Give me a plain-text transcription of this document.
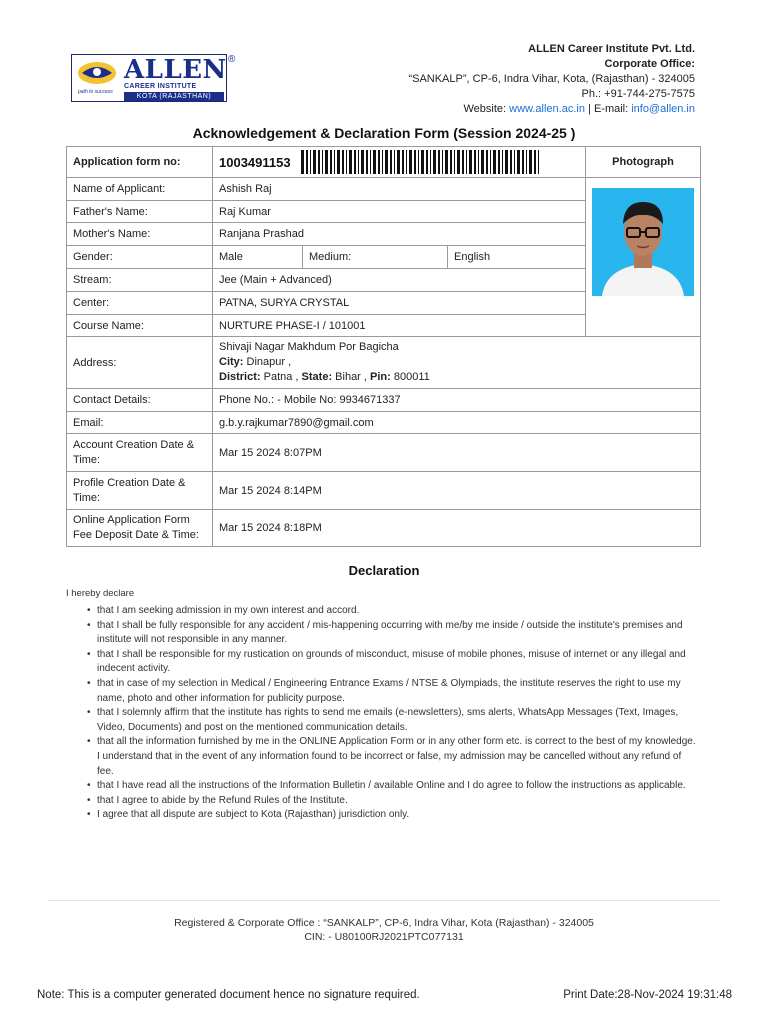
ALLEN
CAREER INSTITUTE
path to success
KOTA (RAJASTHAN)
®
ALLEN Career Institute Pvt. Ltd.
Corporate Office:
“SANKALP”, CP-6, Indra Vihar, Kota, (Rajasthan) - 324005
Ph.: +91-744-275-7575
Website: www.allen.ac.in | E-mail: info@allen.in
Acknowledgement & Declaration Form (Session 2024-25 )
Application form no:	1003491153			Photograph
Name of Applicant:	Ashish Raj	

Father's Name:	Raj Kumar			
Mother's Name:	Ranjana Prashad			
Gender:	Male	Medium:	English	
Stream:	Jee (Main + Advanced)			
Center:	PATNA, SURYA CRYSTAL			
Course Name:	NURTURE PHASE-I / 101001			
Address:	Shivaji Nagar Makhdum Por Bagicha
City: Dinapur ,
District: Patna , State: Bihar , Pin: 800011			

Contact Details:	Phone No.: - Mobile No: 9934671337			
Email:	g.b.y.rajkumar7890@gmail.com			

Account Creation Date &
Time:	Mar 15 2024 8:07PM			

Profile Creation Date &
Time:	Mar 15 2024 8:14PM			

Online Application Form
Fee Deposit Date & Time:	Mar 15 2024 8:18PM			
Declaration
I hereby declare
• that I am seeking admission in my own interest and accord.
• that I shall be fully responsible for any accident / mis-happening occurring with me/by me inside / outside the institute's premises and institute will not responsible in any manner.
• that I shall be responsible for my rustication on grounds of misconduct, misuse of mobile phones, misuse of internet or any illegal and indecent activity.
• that in case of my selection in Medical / Engineering Entrance Exams / NTSE & Olympiads, the institute reserves the right to use my name, photo and other information for publicity purpose.
• that I solemnly affirm that the institute has rights to send me emails (e-newsletters), sms alerts, WhatsApp Messages (Text, Images, Video, Documents) and post on the mentioned communication details.
• that all the information furnished by me in the ONLINE Application Form or in any other form etc. is correct to the best of my knowledge. I understand that in the event of any information found to be incorrect or false, my admission may be cancelled without any refund of fee.
• that I have read all the instructions of the Information Bulletin / available Online and I do agree to follow the instructions as applicable.
• that I agree to abide by the Refund Rules of the Institute.
• I agree that all dispute are subject to Kota (Rajasthan) jurisdiction only.
Registered & Corporate Office : “SANKALP”, CP-6, Indra Vihar, Kota (Rajasthan) - 324005
CIN: - U80100RJ2021PTC077131
Note: This is a computer generated document hence no signature required.	Print Date:28-Nov-2024 19:31:48
